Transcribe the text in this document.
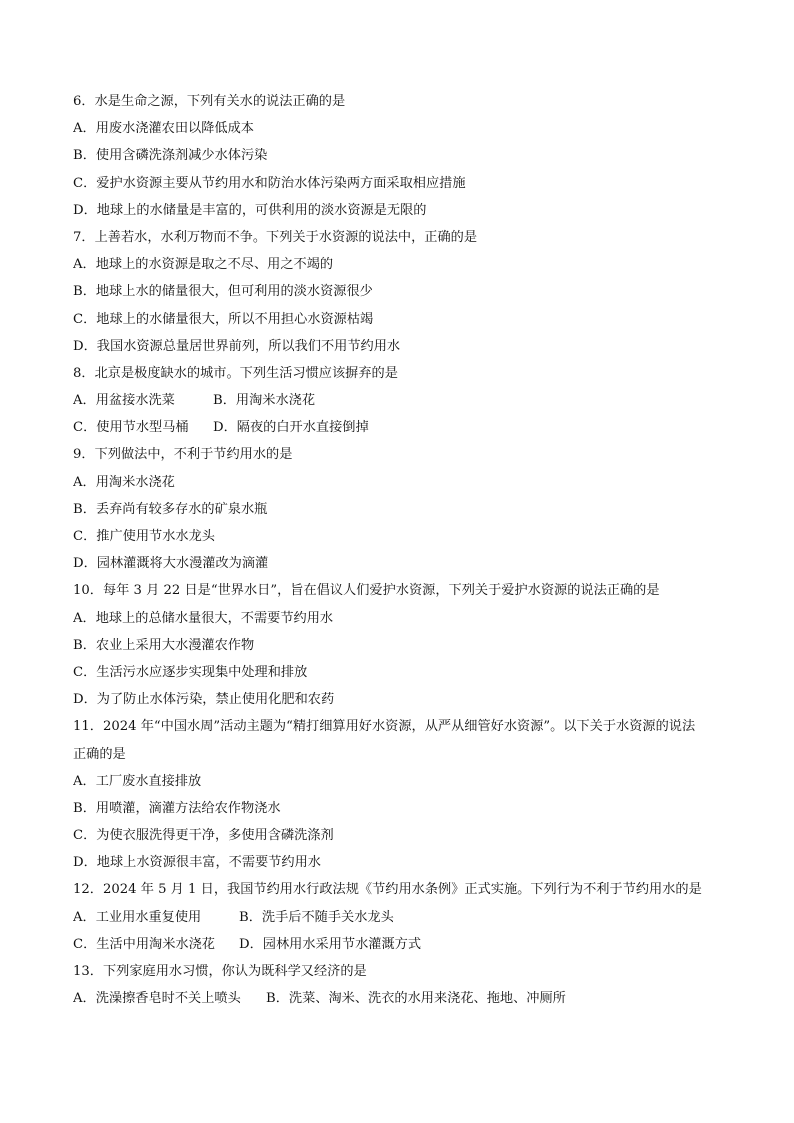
6．水是生命之源，下列有关水的说法正确的是
A．用废水浇灌农田以降低成本
B．使用含磷洗涤剂减少水体污染
C．爱护水资源主要从节约用水和防治水体污染两方面采取相应措施
D．地球上的水储量是丰富的，可供利用的淡水资源是无限的
7．上善若水，水利万物而不争。下列关于水资源的说法中，正确的是
A．地球上的水资源是取之不尽、用之不竭的
B．地球上水的储量很大，但可利用的淡水资源很少
C．地球上的水储量很大，所以不用担心水资源枯竭
D．我国水资源总量居世界前列，所以我们不用节约用水
8．北京是极度缺水的城市。下列生活习惯应该摒弃的是
A．用盆接水洗菜	B．用淘米水浇花
C．使用节水型马桶	D．隔夜的白开水直接倒掉
9．下列做法中，不利于节约用水的是
A．用淘米水浇花
B．丢弃尚有较多存水的矿泉水瓶
C．推广使用节水水龙头
D．园林灌溉将大水漫灌改为滴灌
10．每年 3 月 22 日是“世界水日”，旨在倡议人们爱护水资源，下列关于爱护水资源的说法正确的是
A．地球上的总储水量很大，不需要节约用水
B．农业上采用大水漫灌农作物
C．生活污水应逐步实现集中处理和排放
D．为了防止水体污染，禁止使用化肥和农药
11．2024 年“中国水周”活动主题为“精打细算用好水资源，从严从细管好水资源”。以下关于水资源的说法
正确的是
A．工厂废水直接排放
B．用喷灌，滴灌方法给农作物浇水
C．为使衣服洗得更干净，多使用含磷洗涤剂
D．地球上水资源很丰富，不需要节约用水
12．2024 年 5 月 1 日，我国节约用水行政法规《节约用水条例》正式实施。下列行为不利于节约用水的是
A．工业用水重复使用	B．洗手后不随手关水龙头
C．生活中用淘米水浇花	D．园林用水采用节水灌溉方式
13．下列家庭用水习惯，你认为既科学又经济的是
A．洗澡擦香皂时不关上喷头	B．洗菜、淘米、洗衣的水用来浇花、拖地、冲厕所
